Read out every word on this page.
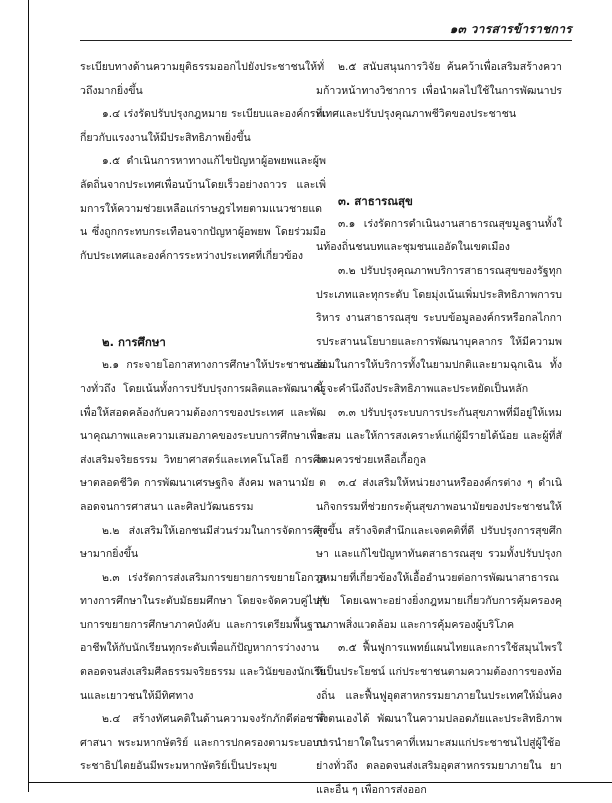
๑๓ วารสารข้าราชการ

ระเบียบทางด้านความยุติธรรมออกไปยังประชาชนให้ทั่วถึงมากยิ่งขึ้น

๑.๔ เร่งรัดปรับปรุงกฎหมาย ระเบียบและองค์กรที่เกี่ยวกับแรงงานให้มีประสิทธิภาพยิ่งขึ้น

๑.๕ ดำเนินการหาทางแก้ไขปัญหาผู้อพยพและผู้พลัดถิ่นจากประเทศเพื่อนบ้านโดยเร็วอย่างถาวร และเพิ่มการให้ความช่วยเหลือแก่ราษฎรไทยตามแนวชายแดน ซึ่งถูกกระทบกระเทือนจากปัญหาผู้อพยพ โดยร่วมมือกับประเทศและองค์การระหว่างประเทศที่เกี่ยวข้อง

๒. การศึกษา

๒.๑ กระจายโอกาสทางการศึกษาให้ประชาชนอย่างทั่วถึง โดยเน้นทั้งการปรับปรุงการผลิตและพัฒนาครู เพื่อให้สอดคล้องกับความต้องการของประเทศ และพัฒนาคุณภาพและความเสมอภาคของระบบการศึกษาเพื่อส่งเสริมจริยธรรม วิทยาศาสตร์และเทคโนโลยี การศึกษาตลอดชีวิต การพัฒนาเศรษฐกิจ สังคม พลานามัย ตลอดจนการศาสนา และศิลปวัฒนธรรม

๒.๒ ส่งเสริมให้เอกชนมีส่วนร่วมในการจัดการศึกษามากยิ่งขึ้น

๒.๓ เร่งรัดการส่งเสริมการขยายการขยายโอกาสทางการศึกษาในระดับมัธยมศึกษา โดยจะจัดควบคู่ไปกับการขยายการศึกษาภาคบังคับ และการเตรียมพื้นฐานอาชีพให้กับนักเรียนทุกระดับเพื่อแก้ปัญหาการว่างงาน ตลอดจนส่งเสริมศีลธรรมจริยธรรม และวินัยของนักเรียนและเยาวชนให้มีทิศทาง

๒.๔ สร้างทัศนคติในด้านความจงรักภักดีต่อชาติ ศาสนา พระมหากษัตริย์ และการปกครองตามระบอบประชาธิปไตยอันมีพระมหากษัตริย์เป็นประมุข

๒.๕ สนับสนุนการวิจัย ค้นคว้าเพื่อเสริมสร้างความก้าวหน้าทางวิชาการ เพื่อนำผลไปใช้ในการพัฒนาประเทศและปรับปรุงคุณภาพชีวิตของประชาชน

๓. สาธารณสุข

๓.๑ เร่งรัดการดำเนินงานสาธารณสุขมูลฐานทั้งในท้องถิ่นชนบทและชุมชนแออัดในเขตเมือง

๓.๒ ปรับปรุงคุณภาพบริการสาธารณสุขของรัฐทุกประเภทและทุกระดับ โดยมุ่งเน้นเพิ่มประสิทธิภาพการบริหาร งานสาธารณสุข ระบบข้อมูลองค์กรหรือกลไกการประสานนโยบายและการพัฒนาบุคลากร ให้มีความพร้อมในการให้บริการทั้งในยามปกติและยามฉุกเฉิน ทั้งนี้ จะคำนึงถึงประสิทธิภาพและประหยัดเป็นหลัก

๓.๓ ปรับปรุงระบบการประกันสุขภาพที่มีอยู่ให้เหมาะสม และให้การสงเคราะห์แก่ผู้มีรายได้น้อย และผู้ที่สังคมควรช่วยเหลือเกื้อกูล

๓.๔ ส่งเสริมให้หน่วยงานหรือองค์กรต่าง ๆ ดำเนินกิจกรรมที่ช่วยกระตุ้นสุขภาพอนามัยของประชาชนให้สูงขึ้น สร้างจิตสำนึกและเจตคติที่ดี ปรับปรุงการสุขศึกษา และแก้ไขปัญหาทันตสาธารณสุข รวมทั้งปรับปรุงกฎหมายที่เกี่ยวข้องให้เอื้ออำนวยต่อการพัฒนาสาธารณสุข โดยเฉพาะอย่างยิ่งกฎหมายเกี่ยวกับการคุ้มครองคุณภาพสิ่งแวดล้อม และการคุ้มครองผู้บริโภค

๓.๕ ฟื้นฟูการแพทย์แผนไทยและการใช้สมุนไพรให้เป็นประโยชน์ แก่ประชาชนตามความต้องการของท้องถิ่น และฟื้นฟูอุตสาหกรรมยาภายในประเทศให้มั่นคง พึ่งตนเองได้ พัฒนาในความปลอดภัยและประสิทธิภาพการนำยาใดในราคาที่เหมาะสมแก่ประชาชนไปสู่ผู้ใช้อย่างทั่วถึง ตลอดจนส่งเสริมอุตสาหกรรมยาภายใน ยา และอื่น ๆ เพื่อการส่งออก
